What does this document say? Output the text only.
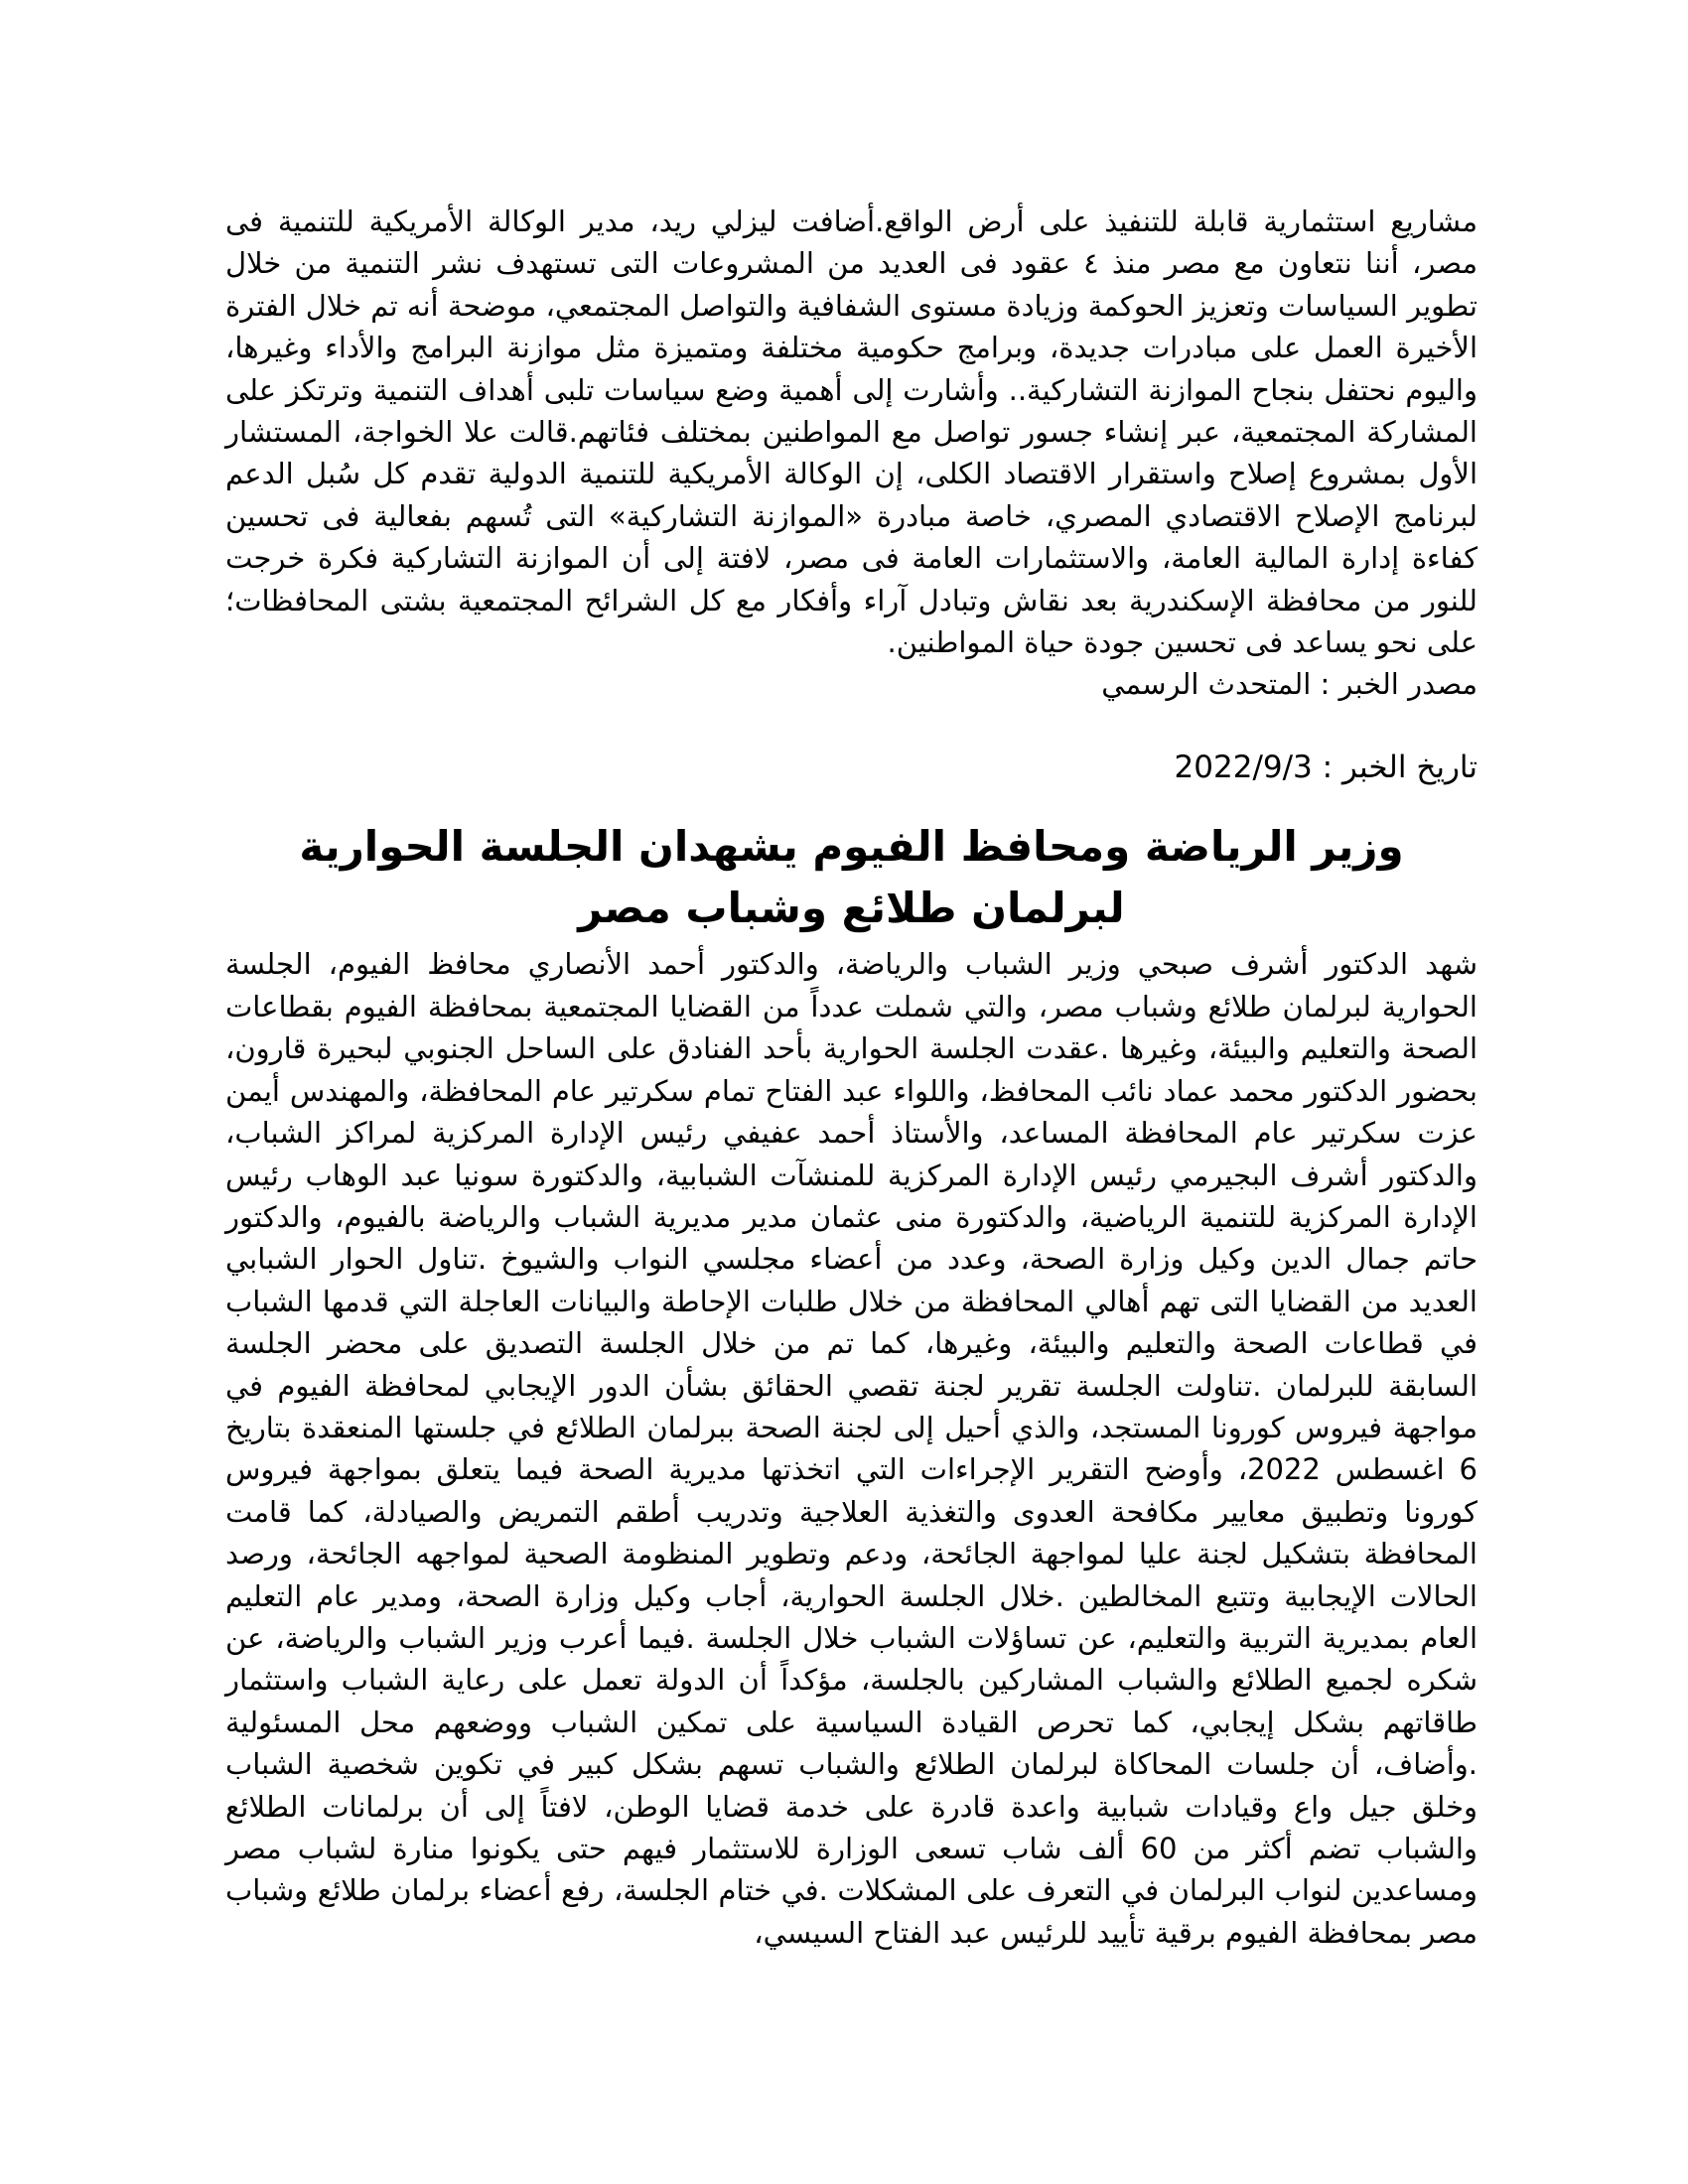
مشاريع استثمارية قابلة للتنفيذ على أرض الواقع.أضافت ليزلي ريد، مدير الوكالة الأمريكية للتنمية فى مصر، أننا نتعاون مع مصر منذ ٤ عقود فى العديد من المشروعات التى تستهدف نشر التنمية من خلال تطوير السياسات وتعزيز الحوكمة وزيادة مستوى الشفافية والتواصل المجتمعي، موضحة أنه تم خلال الفترة الأخيرة العمل على مبادرات جديدة، وبرامج حكومية مختلفة ومتميزة مثل موازنة البرامج والأداء وغيرها، واليوم نحتفل بنجاح الموازنة التشاركية.. وأشارت إلى أهمية وضع سياسات تلبى أهداف التنمية وترتكز على المشاركة المجتمعية، عبر إنشاء جسور تواصل مع المواطنين بمختلف فئاتهم.قالت علا الخواجة، المستشار الأول بمشروع إصلاح واستقرار الاقتصاد الكلى، إن الوكالة الأمريكية للتنمية الدولية تقدم كل سُبل الدعم لبرنامج الإصلاح الاقتصادي المصري، خاصة مبادرة «الموازنة التشاركية» التى تُسهم بفعالية فى تحسين كفاءة إدارة المالية العامة، والاستثمارات العامة فى مصر، لافتة إلى أن الموازنة التشاركية فكرة خرجت للنور من محافظة الإسكندرية بعد نقاش وتبادل آراء وأفكار مع كل الشرائح المجتمعية بشتى المحافظات؛ على نحو يساعد فى تحسين جودة حياة المواطنين.

مصدر الخبر : المتحدث الرسمي

تاريخ الخبر : 2022/9/3

وزير الرياضة ومحافظ الفيوم يشهدان الجلسة الحوارية لبرلمان طلائع وشباب مصر

شهد الدكتور أشرف صبحي وزير الشباب والرياضة، والدكتور أحمد الأنصاري محافظ الفيوم، الجلسة الحوارية لبرلمان طلائع وشباب مصر، والتي شملت عدداً من القضايا المجتمعية بمحافظة الفيوم بقطاعات الصحة والتعليم والبيئة، وغيرها .عقدت الجلسة الحوارية بأحد الفنادق على الساحل الجنوبي لبحيرة قارون، بحضور الدكتور محمد عماد نائب المحافظ، واللواء عبد الفتاح تمام سكرتير عام المحافظة، والمهندس أيمن عزت سكرتير عام المحافظة المساعد، والأستاذ أحمد عفيفي رئيس الإدارة المركزية لمراكز الشباب، والدكتور أشرف البجيرمي رئيس الإدارة المركزية للمنشآت الشبابية، والدكتورة سونيا عبد الوهاب رئيس الإدارة المركزية للتنمية الرياضية، والدكتورة منى عثمان مدير مديرية الشباب والرياضة بالفيوم، والدكتور حاتم جمال الدين وكيل وزارة الصحة، وعدد من أعضاء مجلسي النواب والشيوخ .تناول الحوار الشبابي العديد من القضايا التى تهم أهالي المحافظة من خلال طلبات الإحاطة والبيانات العاجلة التي قدمها الشباب في قطاعات الصحة والتعليم والبيئة، وغيرها، كما تم من خلال الجلسة التصديق على محضر الجلسة السابقة للبرلمان .تناولت الجلسة تقرير لجنة تقصي الحقائق بشأن الدور الإيجابي لمحافظة الفيوم في مواجهة فيروس كورونا المستجد، والذي أحيل إلى لجنة الصحة ببرلمان الطلائع في جلستها المنعقدة بتاريخ 6 اغسطس 2022، وأوضح التقرير الإجراءات التي اتخذتها مديرية الصحة فيما يتعلق بمواجهة فيروس كورونا وتطبيق معايير مكافحة العدوى والتغذية العلاجية وتدريب أطقم التمريض والصيادلة، كما قامت المحافظة بتشكيل لجنة عليا لمواجهة الجائحة، ودعم وتطوير المنظومة الصحية لمواجهه الجائحة، ورصد الحالات الإيجابية وتتبع المخالطين .خلال الجلسة الحوارية، أجاب وكيل وزارة الصحة، ومدير عام التعليم العام بمديرية التربية والتعليم، عن تساؤلات الشباب خلال الجلسة .فيما أعرب وزير الشباب والرياضة، عن شكره لجميع الطلائع والشباب المشاركين بالجلسة، مؤكداً أن الدولة تعمل على رعاية الشباب واستثمار طاقاتهم بشكل إيجابي، كما تحرص القيادة السياسية على تمكين الشباب ووضعهم محل المسئولية .وأضاف، أن جلسات المحاكاة لبرلمان الطلائع والشباب تسهم بشكل كبير في تكوين شخصية الشباب وخلق جيل واع وقيادات شبابية واعدة قادرة على خدمة قضايا الوطن، لافتاً إلى أن برلمانات الطلائع والشباب تضم أكثر من 60 ألف شاب تسعى الوزارة للاستثمار فيهم حتى يكونوا منارة لشباب مصر ومساعدين لنواب البرلمان في التعرف على المشكلات .في ختام الجلسة، رفع أعضاء برلمان طلائع وشباب مصر بمحافظة الفيوم برقية تأييد للرئيس عبد الفتاح السيسي،
